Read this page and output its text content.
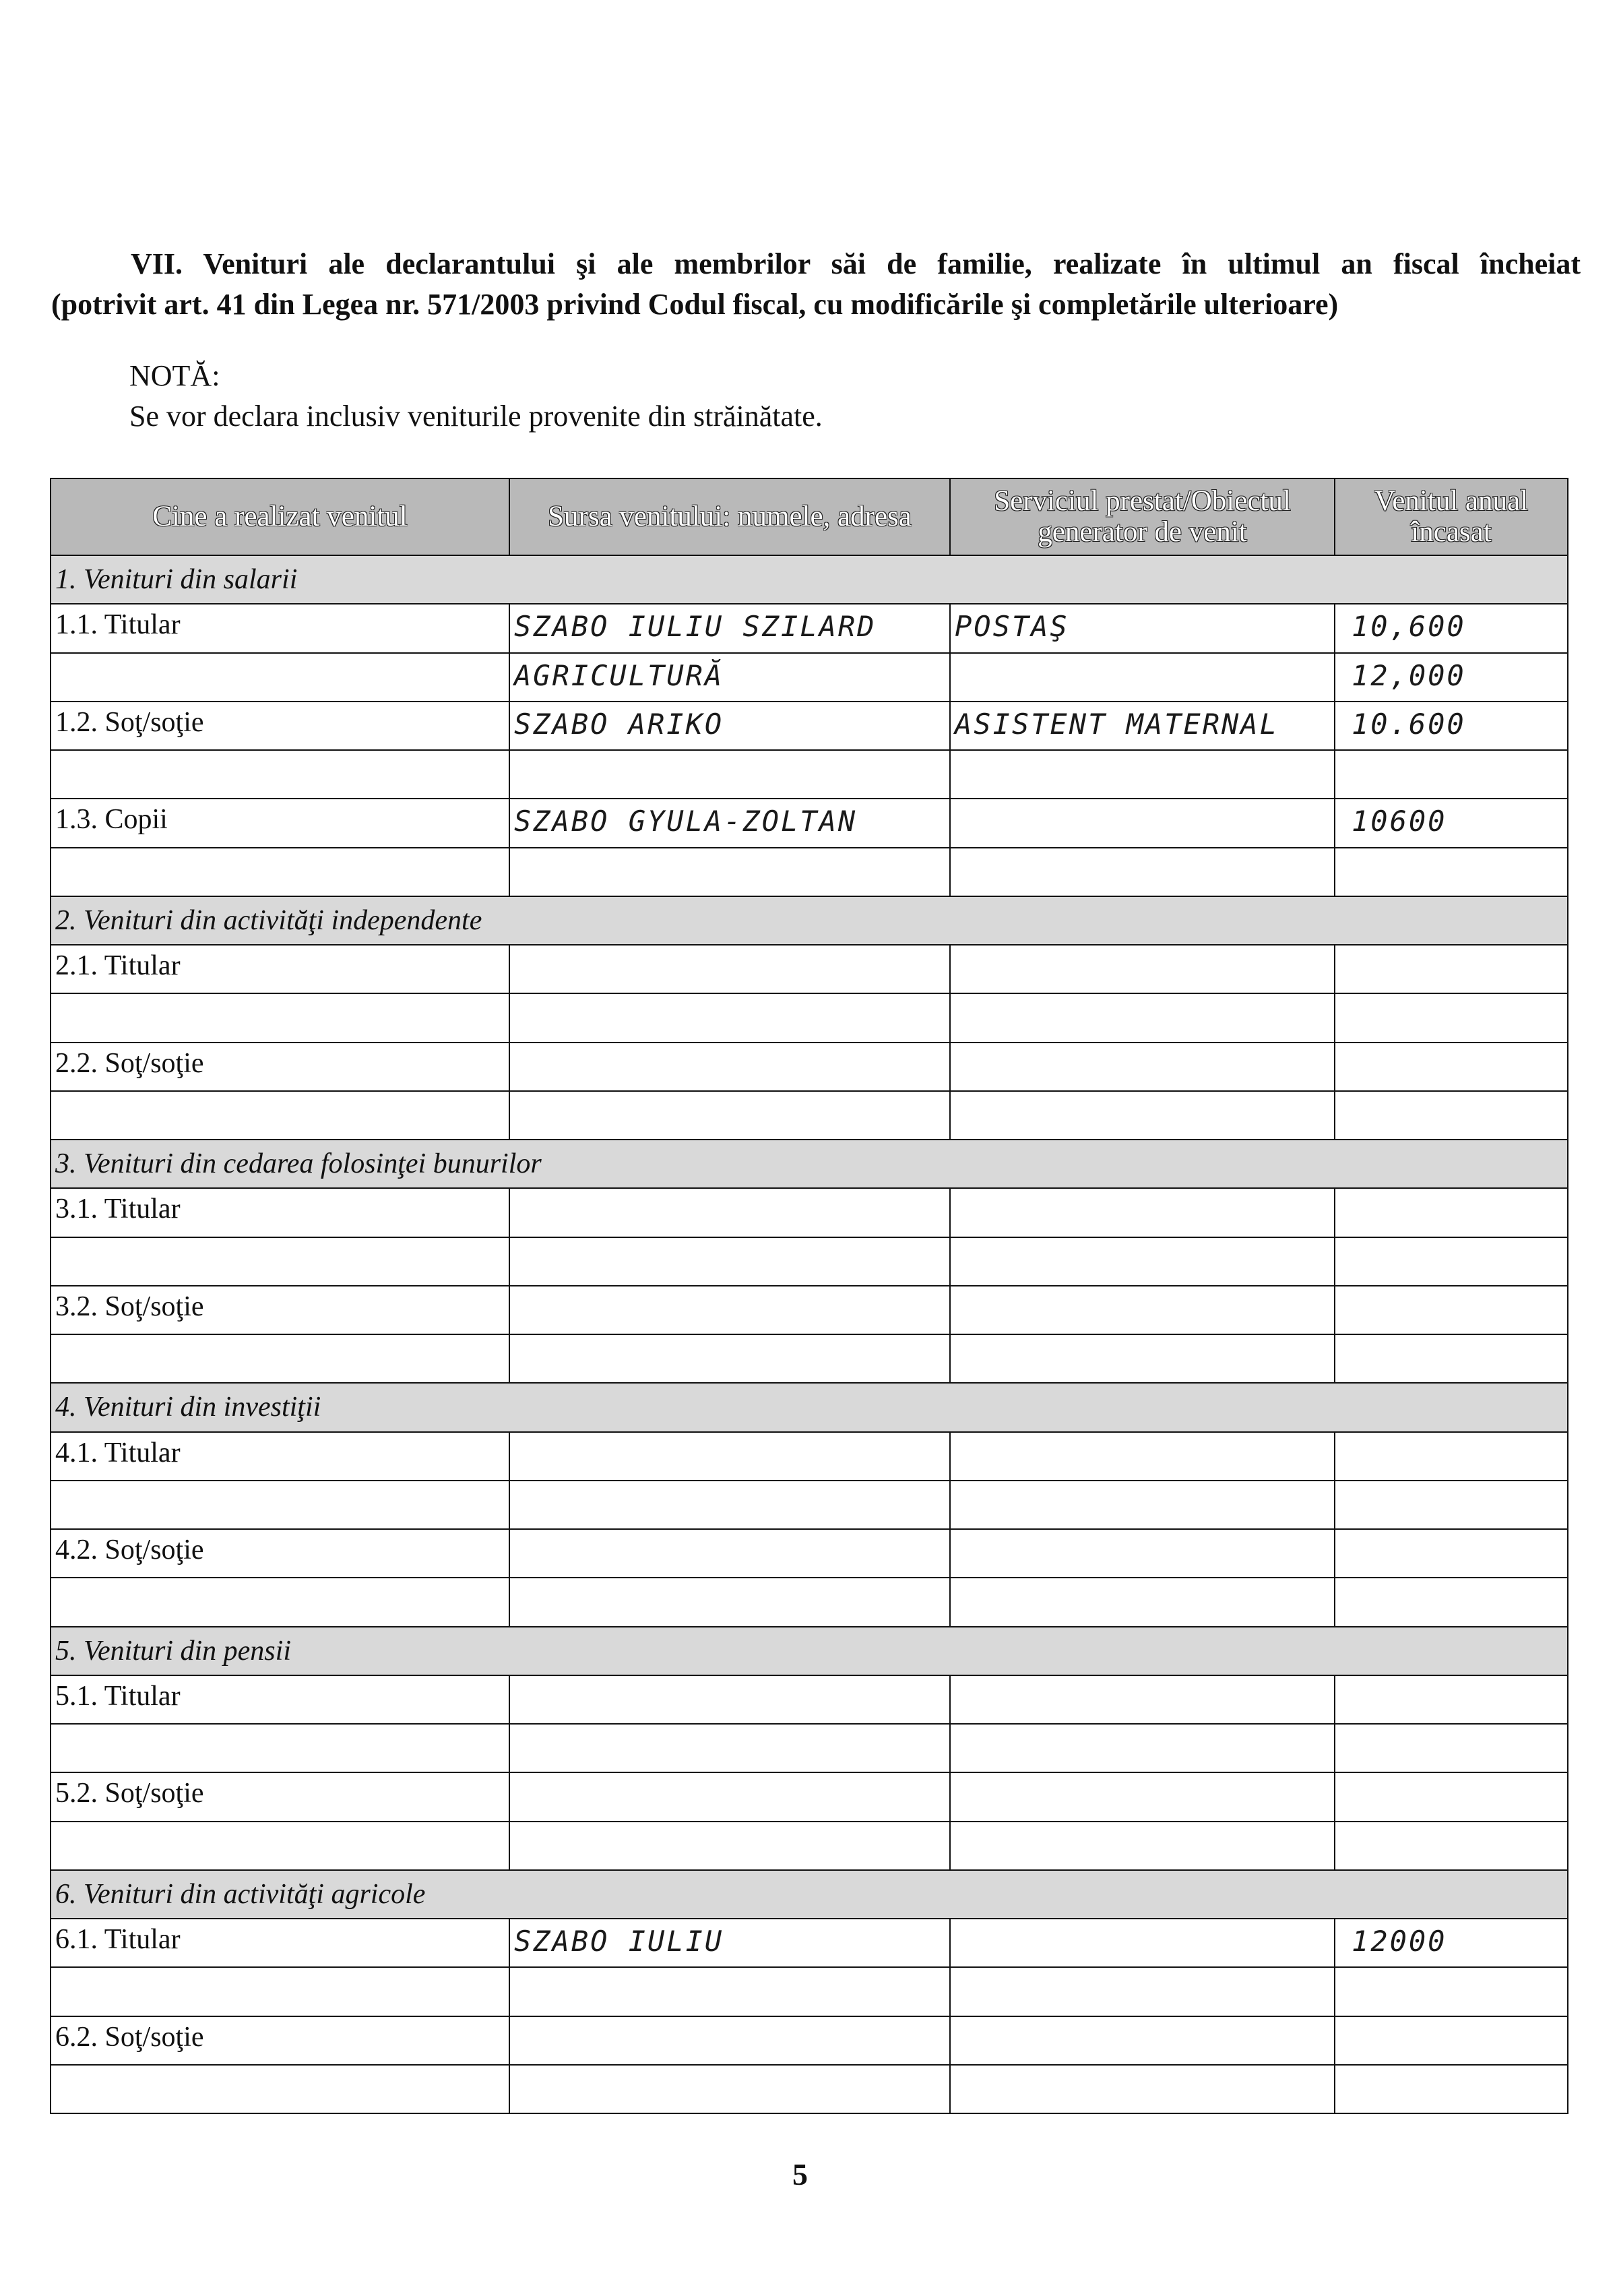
VII. Venituri ale declarantului şi ale membrilor săi de familie, realizate în ultimul an fiscal încheiat
(potrivit art. 41 din Legea nr. 571/2003 privind Codul fiscal, cu modificările şi completările ulterioare)
NOTĂ:
Se vor declara inclusiv veniturile provenite din străinătate.
Cine a realizat venitul	Sursa venitului: numele, adresa	Serviciul prestat/Obiectul generator de venit	Venitul anual încasat
1. Venituri din salarii			
1.1. Titular	SZABO IULIU SZILARD	POSTAŞ	10,600
	AGRICULTURĂ		12,000
1.2. Soţ/soţie	SZABO ARIKO	ASISTENT MATERNAL	10.600

1.3. Copii	SZABO GYULA-ZOLTAN		10600

2. Venituri din activităţi independente			
2.1. Titular			

2.2. Soţ/soţie			

3. Venituri din cedarea folosinţei bunurilor			
3.1. Titular			

3.2. Soţ/soţie			

4. Venituri din investiţii			
4.1. Titular			

4.2. Soţ/soţie			

5. Venituri din pensii			
5.1. Titular			

5.2. Soţ/soţie			

6. Venituri din activităţi agricole			
6.1. Titular	SZABO IULIU		12000

6.2. Soţ/soţie			

5
